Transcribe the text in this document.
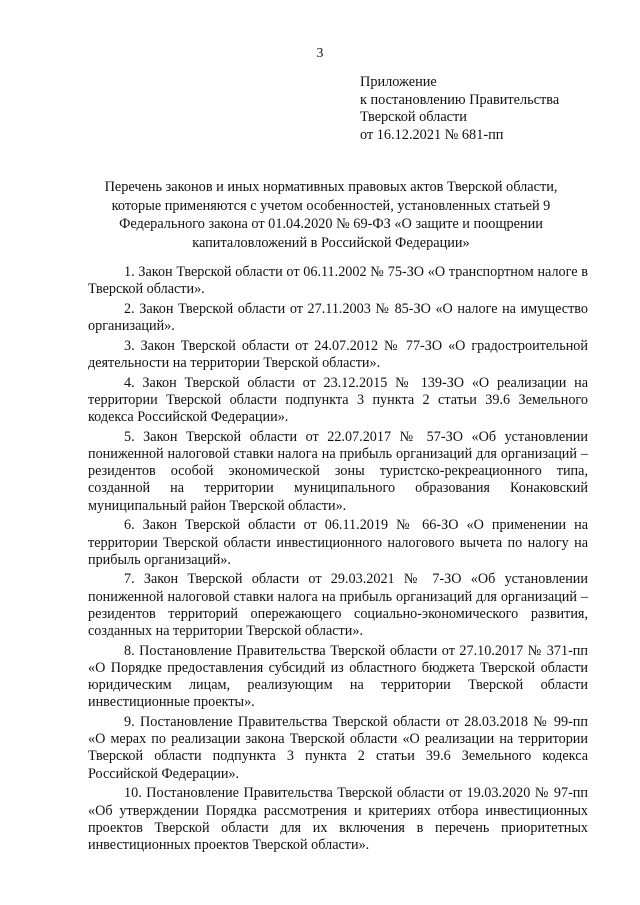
3
Приложение
к постановлению Правительства
Тверской области
от 16.12.2021 № 681-пп
Перечень законов и иных нормативных правовых актов Тверской области, которые применяются с учетом особенностей, установленных статьей 9 Федерального закона от 01.04.2020 № 69-ФЗ «О защите и поощрении капиталовложений в Российской Федерации»

1. Закон Тверской области от 06.11.2002 № 75-ЗО «О транспортном налоге в Тверской области».

2. Закон Тверской области от 27.11.2003 № 85-ЗО «О налоге на имущество организаций».

3. Закон Тверской области от 24.07.2012 № 77-ЗО «О градостроительной деятельности на территории Тверской области».

4. Закон Тверской области от 23.12.2015 № 139-ЗО «О реализации на территории Тверской области подпункта 3 пункта 2 статьи 39.6 Земельного кодекса Российской Федерации».

5. Закон Тверской области от 22.07.2017 № 57-ЗО «Об установлении пониженной налоговой ставки налога на прибыль организаций для организаций – резидентов особой экономической зоны туристско-рекреационного типа, созданной на территории муниципального образования Конаковский муниципальный район Тверской области».

6. Закон Тверской области от 06.11.2019 № 66-ЗО «О применении на территории Тверской области инвестиционного налогового вычета по налогу на прибыль организаций».

7. Закон Тверской области от 29.03.2021 № 7-ЗО «Об установлении пониженной налоговой ставки налога на прибыль организаций для организаций – резидентов территорий опережающего социально-экономического развития, созданных на территории Тверской области».

8. Постановление Правительства Тверской области от 27.10.2017 № 371-пп «О Порядке предоставления субсидий из областного бюджета Тверской области юридическим лицам, реализующим на территории Тверской области инвестиционные проекты».

9. Постановление Правительства Тверской области от 28.03.2018 № 99-пп «О мерах по реализации закона Тверской области «О реализации на территории Тверской области подпункта 3 пункта 2 статьи 39.6 Земельного кодекса Российской Федерации».

10. Постановление Правительства Тверской области от 19.03.2020 № 97-пп «Об утверждении Порядка рассмотрения и критериях отбора инвестиционных проектов Тверской области для их включения в перечень приоритетных инвестиционных проектов Тверской области».
